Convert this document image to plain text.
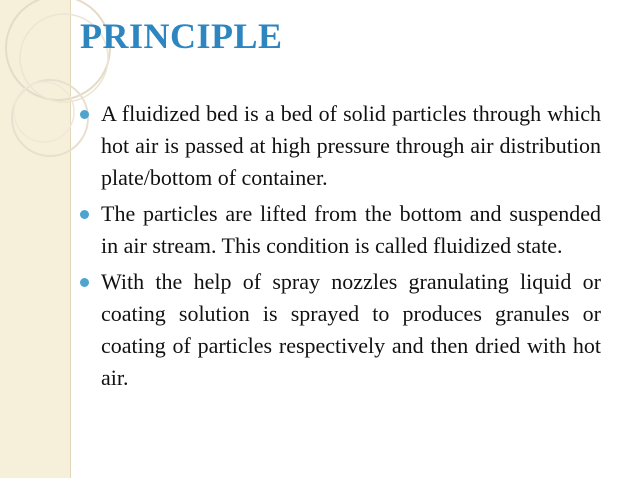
PRINCIPLE
A fluidized bed is a bed of solid particles through which hot air is passed at high pressure through air distribution plate/bottom of container.
The particles are lifted from the bottom and suspended in air stream. This condition is called fluidized state.
With the help of spray nozzles granulating liquid or coating solution is sprayed to produces granules or coating of particles respectively and then dried with hot air.
